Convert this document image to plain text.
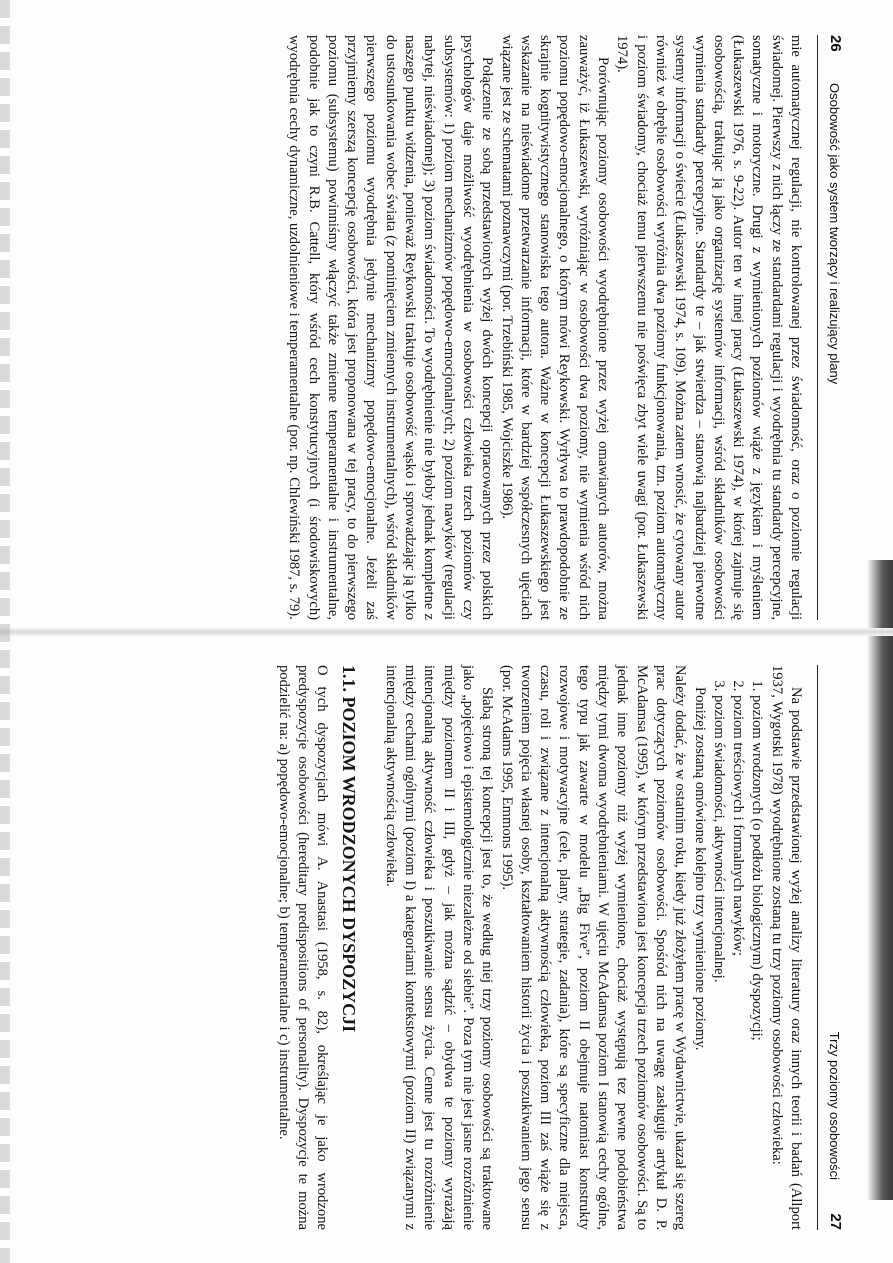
26
Osobowość jako system tworzący i realizujący plany

mie automatycznej regulacji, nie kontrolowanej przez świadomość, oraz o poziomie regulacji świadomej. Pierwszy z nich łączy ze standardami regulacji i wyodrębnia tu standardy percepcyjne, somatyczne i motoryczne. Drugi z wymienionych poziomów wiąże z językiem i myśleniem (Łukaszewski 1976, s. 9-22). Autor ten w innej pracy (Łukaszewski 1974), w której zajmuje się osobowością, traktując ją jako organizację systemów informacji, wśród składników osobowości wymienia standardy percepcyjne. Standardy te – jak stwierdza – stanowią najbardziej pierwotne systemy informacji o świecie (Łukaszewski 1974, s. 109). Można zatem wnosić, że cytowany autor również w obrębie osobowości wyróżnia dwa poziomy funkcjonowania, tzn. poziom automatyczny i poziom świadomy, chociaż temu pierwszemu nie poświęca zbyt wiele uwagi (por. Łukaszewski 1974).

Porównując poziomy osobowości wyodrębnione przez wyżej omawianych autorów, można zauważyć, iż Łukaszewski, wyróżniając w osobowości dwa poziomy, nie wymienia wśród nich poziomu popędowo-emocjonalnego, o którym mówi Reykowski. Wyrływa to prawdopodobnie ze skrajnie kognitywistycznego stanowiska tego autora. Ważne w koncepcji Łukaszewskiego jest wskazanie na nieświadome przetwarzanie informacji, które w bardziej współczesnych ujęciach wiązane jest ze schematami poznawczymi (por. Trzebiński 1985, Wojciszke 1986).

Połączenie ze sobą przedstawionych wyżej dwóch koncepcji opracowanych przez polskich psychologów daje możliwość wyodrębnienia w osobowości człowieka trzech poziomów czy subsystemów: 1) poziom mechanizmów popędowo-emocjonalnych; 2) poziom nawyków (regulacji nabytej, nieświadomej); 3) poziom świadomości. To wyodrębnienie nie byłoby jednak kompletne z naszego punktu widzenia, ponieważ Reykowski traktuje osobowość wąsko i sprowadzając ją tylko do ustosunkowania wobec świata (z pominięciem zmiennych instrumentalnych), wśród składników pierwszego poziomu wyodrębnia jedynie mechanizmy popędowo-emocjonalne. Jeżeli zaś przyjmiemy szerszą koncepcję osobowości, która jest proponowana w tej pracy, to do pierwszego poziomu (subsystemu) powinniśmy włączyć także zmienne temperamentalne i instrumentalne, podobnie jak to czyni R.B. Cattell, który wśród cech konstytucyjnych (i środowiskowych) wyodrębnia cechy dynamiczne, uzdolnieniowe i temperamentalne (por. np. Chlewiński 1987, s. 79).

Trzy poziomy osobowości
27

Na podstawie przedstawionej wyżej analizy literatury oraz innych teorii i badań (Allport 1937, Wygotski 1978) wyodrębnione zostaną tu trzy poziomy osobowości człowieka:

1. poziom wrodzonych (o podłożu biologicznym) dyspozycji;
2. poziom treściowych i formalnych nawyków;
3. poziom świadomości, aktywności intencjonalnej.

Poniżej zostaną omówione kolejno trzy wymienione poziomy.

Należy dodać, że w ostatnim roku, kiedy już złożyłem pracę w Wydawnictwie, ukazał się szereg prac dotyczących poziomów osobowości. Spośród nich na uwagę zasługuje artykuł D. P. McAdamsa (1995), w którym przedstawiona jest koncepcja trzech poziomów osobowości. Są to jednak inne poziomy niż wyżej wymienione, chociaż występują tez pewne podobieństwa między tymi dwoma wyodrębnieniami. W ujęciu McAdamsa poziom I stanowią cechy ogólne, tego typu jak zawarte w modelu „Big Five”, poziom II obejmuje natomiast konstrukty rozwojowe i motywacyjne (cele, plany, strategie, zadania), które są specyficzne dla miejsca, czasu, roli i związane z intencjonalną aktywnością człowieka, poziom III zaś wiąże się z tworzeniem pojęcia własnej osoby, kształtowaniem historii życia i poszukiwaniem jego sensu (por. McAdams 1995, Emmons 1995).

Słabą stroną tej koncepcji jest to, że według niej trzy poziomy osobowości są traktowane jako „pojęciowo i epistemologicznie niezależne od siebie”. Poza tym nie jest jasne rozróżnienie między poziomem II i III, gdyż – jak można sądzić – obydwa te poziomy wyrażają intencjonalną aktywność człowieka i poszukiwanie sensu życia. Cenne jest tu rozróżnienie między cechami ogólnymi (poziom I) a kategoriami kontekstowymi (poziom II) związanymi z intencjonalną aktywnością człowieka.

1.1. POZIOM WRODZONYCH DYSPOZYCJI

O tych dyspozycjach mówi A. Anastasi (1958, s. 82), określając je jako wrodzone predyspozycje osobowości (hereditary predispositions of personality). Dyspozycje te można podzielić na: a) popędowo-emocjonalne; b) temperamentalne i c) instrumentalne.
